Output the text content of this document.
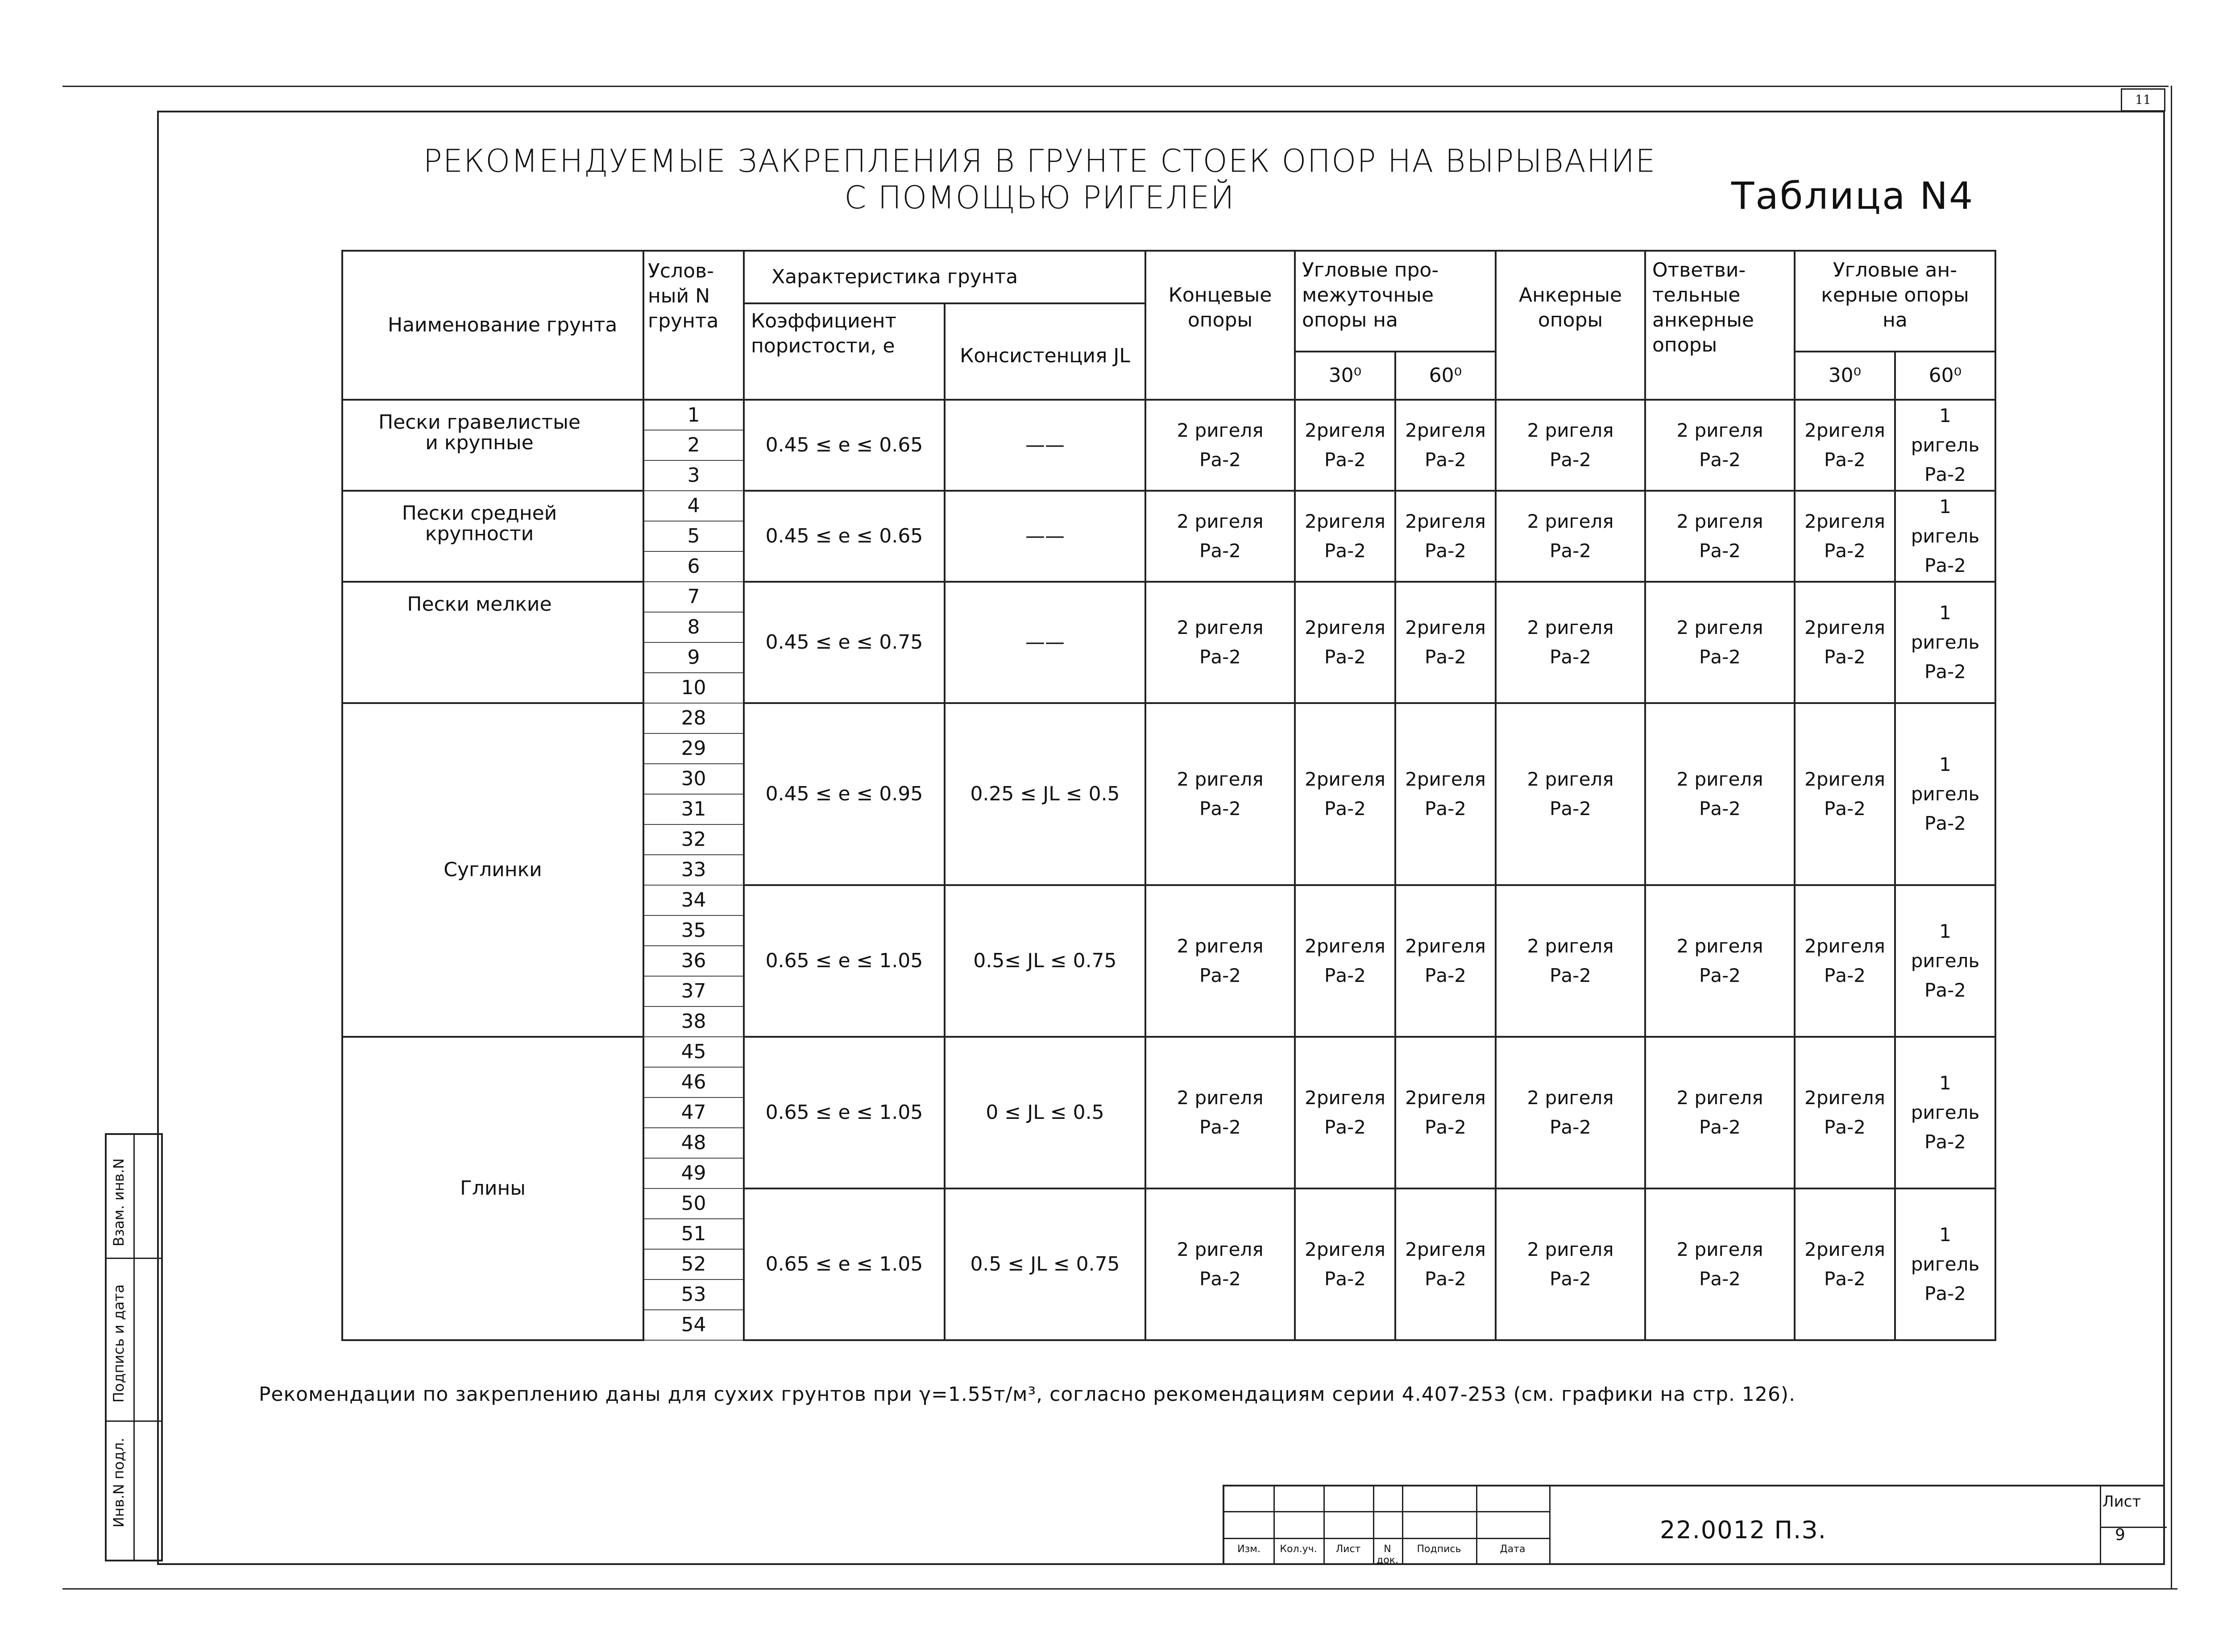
11
РЕКОМЕНДУЕМЫЕ ЗАКРЕПЛЕНИЯ В ГРУНТЕ СТОЕК ОПОР НА ВЫРЫВАНИЕ
С ПОМОЩЬЮ РИГЕЛЕЙ	Таблица N4
Наименование грунта	Услов-ный N грунта	Характеристика грунта		Концевые опоры	Угловые про-межуточные опоры на		Анкерные опоры	Ответви-тельные анкерные опоры	Угловые ан-керные опоры на	
		Коэффициент пористости, e	Консистенция JL							
					30⁰	60⁰			30⁰	60⁰
Пески гравелистые и крупные	1	0.45 ≤ e ≤ 0.65	——	2 ригеля Ра-2	2ригеля Ра-2	2ригеля Ра-2	2 ригеля Ра-2	2 ригеля Ра-2	2ригеля Ра-2	1 ригель Ра-2
	2									
	3									
Пески средней крупности	4	0.45 ≤ e ≤ 0.65	——	2 ригеля Ра-2	2ригеля Ра-2	2ригеля Ра-2	2 ригеля Ра-2	2 ригеля Ра-2	2ригеля Ра-2	1 ригель Ра-2
	5									
	6									
Пески мелкие	7	0.45 ≤ e ≤ 0.75	——	2 ригеля Ра-2	2ригеля Ра-2	2ригеля Ра-2	2 ригеля Ра-2	2 ригеля Ра-2	2ригеля Ра-2	1 ригель Ра-2
	8									
	9									
	10									
Суглинки	28	0.45 ≤ e ≤ 0.95	0.25 ≤ JL ≤ 0.5	2 ригеля Ра-2	2ригеля Ра-2	2ригеля Ра-2	2 ригеля Ра-2	2 ригеля Ра-2	2ригеля Ра-2	1 ригель Ра-2
	29									
	30									
	31									
	32									
	33									
	34	0.65 ≤ e ≤ 1.05	0.5≤ JL ≤ 0.75	2 ригеля Ра-2	2ригеля Ра-2	2ригеля Ра-2	2 ригеля Ра-2	2 ригеля Ра-2	2ригеля Ра-2	1 ригель Ра-2
	35									
	36									
	37									
	38									
Глины	45	0.65 ≤ e ≤ 1.05	0 ≤ JL ≤ 0.5	2 ригеля Ра-2	2ригеля Ра-2	2ригеля Ра-2	2 ригеля Ра-2	2 ригеля Ра-2	2ригеля Ра-2	1 ригель Ра-2
	46									
	47									
	48									
	49									
	50	0.65 ≤ e ≤ 1.05	0.5 ≤ JL ≤ 0.75	2 ригеля Ра-2	2ригеля Ра-2	2ригеля Ра-2	2 ригеля Ра-2	2 ригеля Ра-2	2ригеля Ра-2	1 ригель Ра-2
	51									
	52									
	53									
	54									
Рекомендации по закреплению даны для сухих грунтов при γ=1.55т/м³, согласно рекомендациям серии 4.407-253 (см. графики на стр. 126).
Взам. инв.N
Подпись и дата
Инв.N подл.
Изм.	Кол.уч.	Лист	N док.
Подпись	Дата
22.0012 П.З.
Лист
9
